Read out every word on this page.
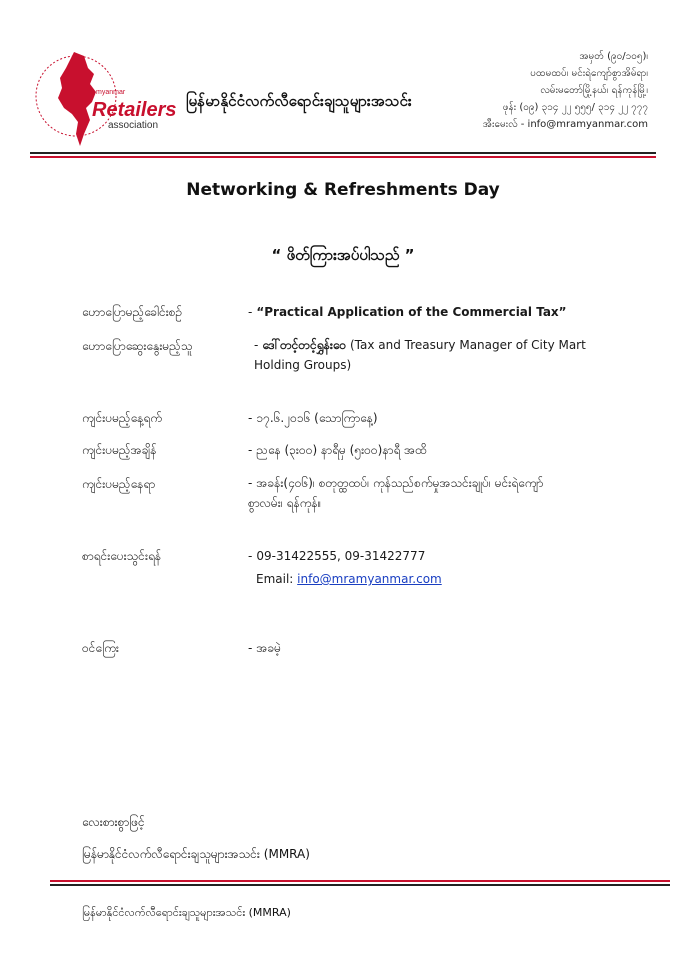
myanmar
Retailers
association
မြန်မာနိုင်ငံလက်လီရောင်းချသူများအသင်း
အမှတ် (၉၀/၁၀၅)၊
ပထမထပ်၊ မင်းရဲကျော်စွာအိမ်ရာ၊
လမ်းမတော်မြို့နယ်၊ ရန်ကုန်မြို့၊
ဖုန်း (၀၉) ၃၁၄ ၂၂ ၅၅၅/ ၃၁၄ ၂၂ ၇၇၇
အီးမေးလ် - info@mramyanmar.com
Networking & Refreshments Day
“ ဖိတ်ကြားအပ်ပါသည် ”
ဟောပြောမည့်ခေါင်းစဉ်	- “Practical Application of the Commercial Tax”
ဟောပြောဆွေးနွေးမည့်သူ	- ဒေါ်တင့်တင့်ရွှန်းဝေ (Tax and Treasury Manager of City Mart Holding Groups)
ကျင်းပမည့်နေ့ရက်	- ၁၇.၆.၂၀၁၆ (သောကြာနေ့)
ကျင်းပမည့်အချိန်	- ညနေ (၃း၀၀) နာရီမှ (၅း၀၀)နာရီ အထိ
ကျင်းပမည့်နေရာ	- အခန်း(၄၀၆)၊ စတုတ္ထထပ်၊ ကုန်သည်စက်မှုအသင်းချုပ်၊ မင်းရဲကျော်စွာလမ်း၊ ရန်ကုန်။
စာရင်းပေးသွင်းရန်	- 09-31422555, 09-31422777
Email: info@mramyanmar.com
ဝင်ကြေး	- အခမဲ့
လေးစားစွာဖြင့်
မြန်မာနိုင်ငံလက်လီရောင်းချသူများအသင်း (MMRA)
မြန်မာနိုင်ငံလက်လီရောင်းချသူများအသင်း (MMRA)
